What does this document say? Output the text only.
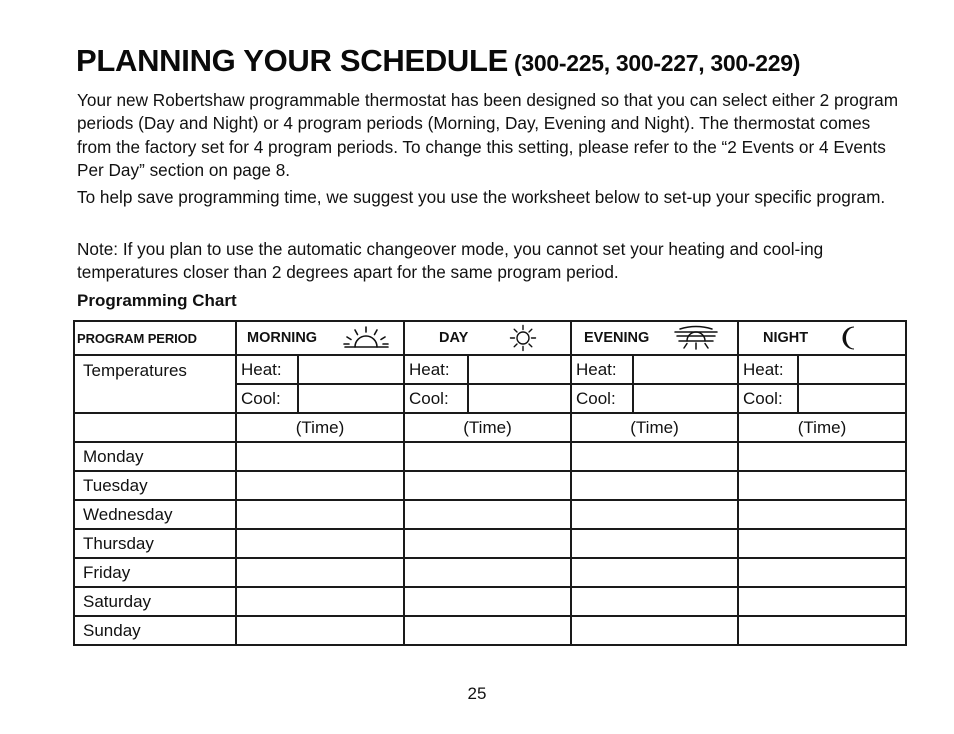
PLANNING YOUR SCHEDULE (300-225, 300-227, 300-229)

Your new Robertshaw programmable thermostat has been designed so that you can select either 2 program periods (Day and Night) or 4 program periods (Morning, Day, Evening and Night). The thermostat comes from the factory set for 4 program periods. To change this setting, please refer to the “2 Events or 4 Events Per Day” section on page 8.

To help save programming time, we suggest you use the worksheet below to set-up your specific program.

Note: If you plan to use the automatic changeover mode, you cannot set your heating and cool-ing temperatures closer than 2 degrees apart for the same program period.

Programming Chart
PROGRAM PERIOD	MORNING		DAY		EVENING		NIGHT	

Temperatures	Heat:		Heat:		Heat:		Heat:	
	Cool:		Cool:		Cool:		Cool:	
	(Time)		(Time)		(Time)		(Time)	
Monday								
Tuesday								
Wednesday								
Thursday								
Friday								
Saturday								
Sunday								

25
